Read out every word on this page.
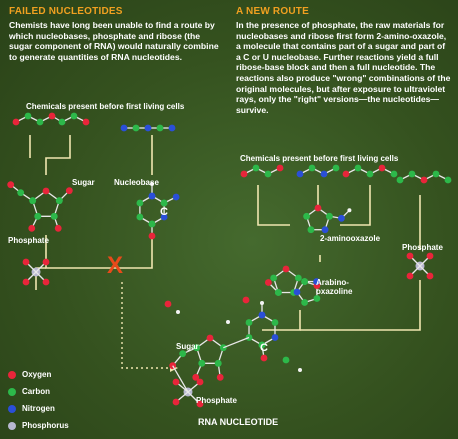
FAILED NUCLEOTIDES
Chemists have long been unable to find a route by which nucleobases, phosphate and ribose (the sugar component of RNA) would naturally combine to generate quantities of RNA nucleotides.
Chemicals present before first living cells
Sugar Nucleobase
C
Phosphate
X
A NEW ROUTE
In the presence of phosphate, the raw materials for nucleobases and ribose first form 2-amino-oxazole, a molecule that contains part of a sugar and part of a C or U nucleobase. Further reactions yield a full ribose-base block and then a full nucleotide. The reactions also produce "wrong" combinations of the original molecules, but after exposure to ultraviolet rays, only the "right" versions—the nucleotides—survive.
Chemicals present before first living cells
2-aminooxazole
Arabino-oxazoline
Phosphate
Sugar	C
Phosphate
RNA NUCLEOTIDE
Oxygen
Carbon
Nitrogen
Phosphorus
